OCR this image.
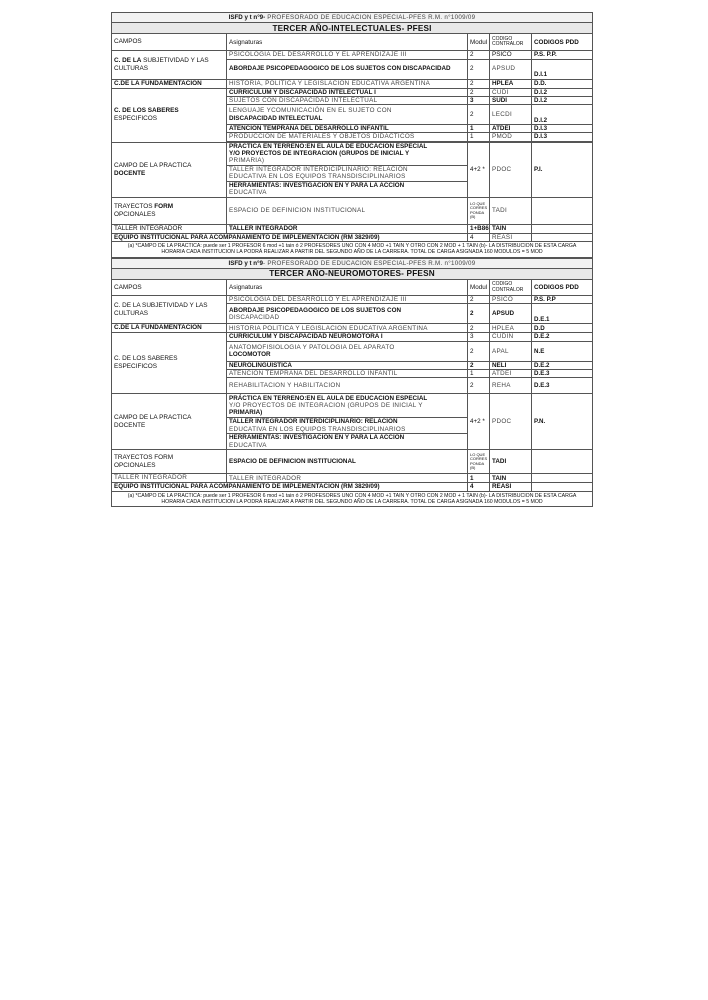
ISFD y t n°9- PROFESORADO DE EDUCACION ESPECIAL-PFES R.M. n°1009/09				
TERCER AÑO-INTELECTUALES- PFESI				
CAMPOS	Asignaturas	Modul	CODIGO CONTRALOR	CODIGOS PDD
C. DE LA SUBJETIVIDAD Y LAS CULTURAS	PSICOLOGIA DEL DESARROLLO Y EL APRENDIZAJE III	2	PSICO	P.S. P.P.
	ABORDAJE PSICOPEDAGOGICO DE LOS SUJETOS CON DISCAPACIDAD	2	APSUD	D.I.1
C.DE LA FUNDAMENTACION	HISTORIA, POLITICA Y LEGISLACION EDUCATIVA ARGENTINA	2	HPLEA	D.D.
C. DE LOS SABERES
ESPECIFICOS	CURRICULUM Y DISCAPACIDAD INTELECTUAL I	2	CUDI	D.I.2
	SUJETOS CON DISCAPACIDAD INTELECTUAL	3	SUDI	D.I.2
	LENGUAJE YCOMUNICACIÓN EN EL SUJETO CON
DISCAPACIDAD INTELECTUAL	2	LECDI	D.I.2
	ATENCIÓN TEMPRANA DEL DESARROLLO INFANTIL	1	ATDEI	D.I.3
	PRODUCCION DE MATERIALES Y OBJETOS DIDACTICOS	1	PMOD	D.I.3

CAMPO DE LA PRACTICA
DOCENTE	PRÁCTICA EN TERRENO:EN EL AULA DE EDUCACION ESPECIAL
Y/O PROYECTOS DE INTEGRACION (GRUPOS DE INICIAL Y
PRIMARIA)	4+2 *	PDOC	P.I.
	TALLER INTEGRADOR INTERDICIPLINARIO: RELACION
EDUCATIVA EN LOS EQUIPOS TRANSDISCIPLINARIOS			
	HERRAMIENTAS: INVESTIGACIÓN EN Y PARA LA ACCIÓN
EDUCATIVA			
TRAYECTOS FORM
OPCIONALES	ESPACIO DE DEFINICION INSTITUCIONAL	LO QUE CORRES PONDA (B)	TADI	
TALLER INTEGRADOR	TALLER INTEGRADOR	1+B86	TAIN	
EQUIPO INSTITUCIONAL PARA ACOMPAÑAMIENTO DE IMPLEMENTACION (RM 3829/09)		4	REASI	
(a) *CAMPO DE LA PRACTICA: puede ser 1 PROFESOR 6 mod +1 tain ó 2 PROFESORES UNO CON 4 MOD +1 TAIN Y OTRO CON 2 MOD + 1 TAIN (b)- LA DISTRIBUCION DE ESTA CARGA HORARIA CADA INSTITUCION LA PODRÁ REALIZAR A PARTIR DEL SEGUNDO AÑO DE LA CARRERA. TOTAL DE CARGA ASIGNADA 160 MODULOS = 5 MOD				
ISFD y t n°9- PROFESORADO DE EDUCACION ESPECIAL-PFES R.M. n°1009/09				
TERCER AÑO-NEUROMOTORES- PFESN				
CAMPOS	Asignaturas	Modul	CODIGO CONTRALOR	CODIGOS PDD
C. DE LA SUBJETIVIDAD Y LAS CULTURAS	PSICOLOGIA DEL DESARROLLO Y EL APRENDIZAJE III	2	PSICO	P.S. P.P
	ABORDAJE PSICOPEDAGOGICO DE LOS SUJETOS CON
DISCAPACIDAD	2	APSUD	D.E.1
C.DE LA FUNDAMENTACION	HISTORIA POLITICA Y LEGISLACION EDUCATIVA ARGENTINA	2	HPLEA	D.D
C. DE LOS SABERES
ESPECIFICOS	CURRICULUM Y DISCAPACIDAD NEUROMOTORA I	3	CUDIN	D.E.2
	ANATOMOFISIOLOGIA Y PATOLOGIA DEL APARATO
LOCOMOTOR	2	APAL	N.E
	NEUROLINGUISTICA	2	NELI	D.E.2
	ATENCIÓN TEMPRANA DEL DESARROLLO INFANTIL	1	ATDEI	D.E.3
	REHABILITACION Y HABILITACION	2	REHA	D.E.3
CAMPO DE LA PRACTICA
DOCENTE	PRÁCTICA EN TERRENO:EN EL AULA DE EDUCACION ESPECIAL
Y/O PROYECTOS DE INTEGRACION (GRUPOS DE INICIAL Y
PRIMARIA)	4+2 *	PDOC	P.N.
	TALLER INTEGRADOR INTERDICIPLINARIO: RELACION
EDUCATIVA EN LOS EQUIPOS TRANSDISCIPLINARIOS			
	HERRAMIENTAS: INVESTIGACIÓN EN Y PARA LA ACCIÓN
EDUCATIVA			
TRAYECTOS FORM
OPCIONALES	ESPACIO DE DEFINICION INSTITUCIONAL	LO QUE CORRES PONDA (B)	TADI	
TALLER INTEGRADOR	TALLER INTEGRADOR	1	TAIN	
EQUIPO INSTITUCIONAL PARA ACOMPAÑAMIENTO DE IMPLEMENTACION (RM 3829/09)		4	REASI	
(a) *CAMPO DE LA PRACTICA: puede ser 1 PROFESOR 6 mod +1 tain ó 2 PROFESORES UNO CON 4 MOD +1 TAIN Y OTRO CON 2 MOD + 1 TAIN (b)- LA DISTRIBUCION DE ESTA CARGA HORARIA CADA INSTITUCION LA PODRÁ REALIZAR A PARTIR DEL SEGUNDO AÑO DE LA CARRERA. TOTAL DE CARGA ASIGNADA 160 MODULOS = 5 MOD				
